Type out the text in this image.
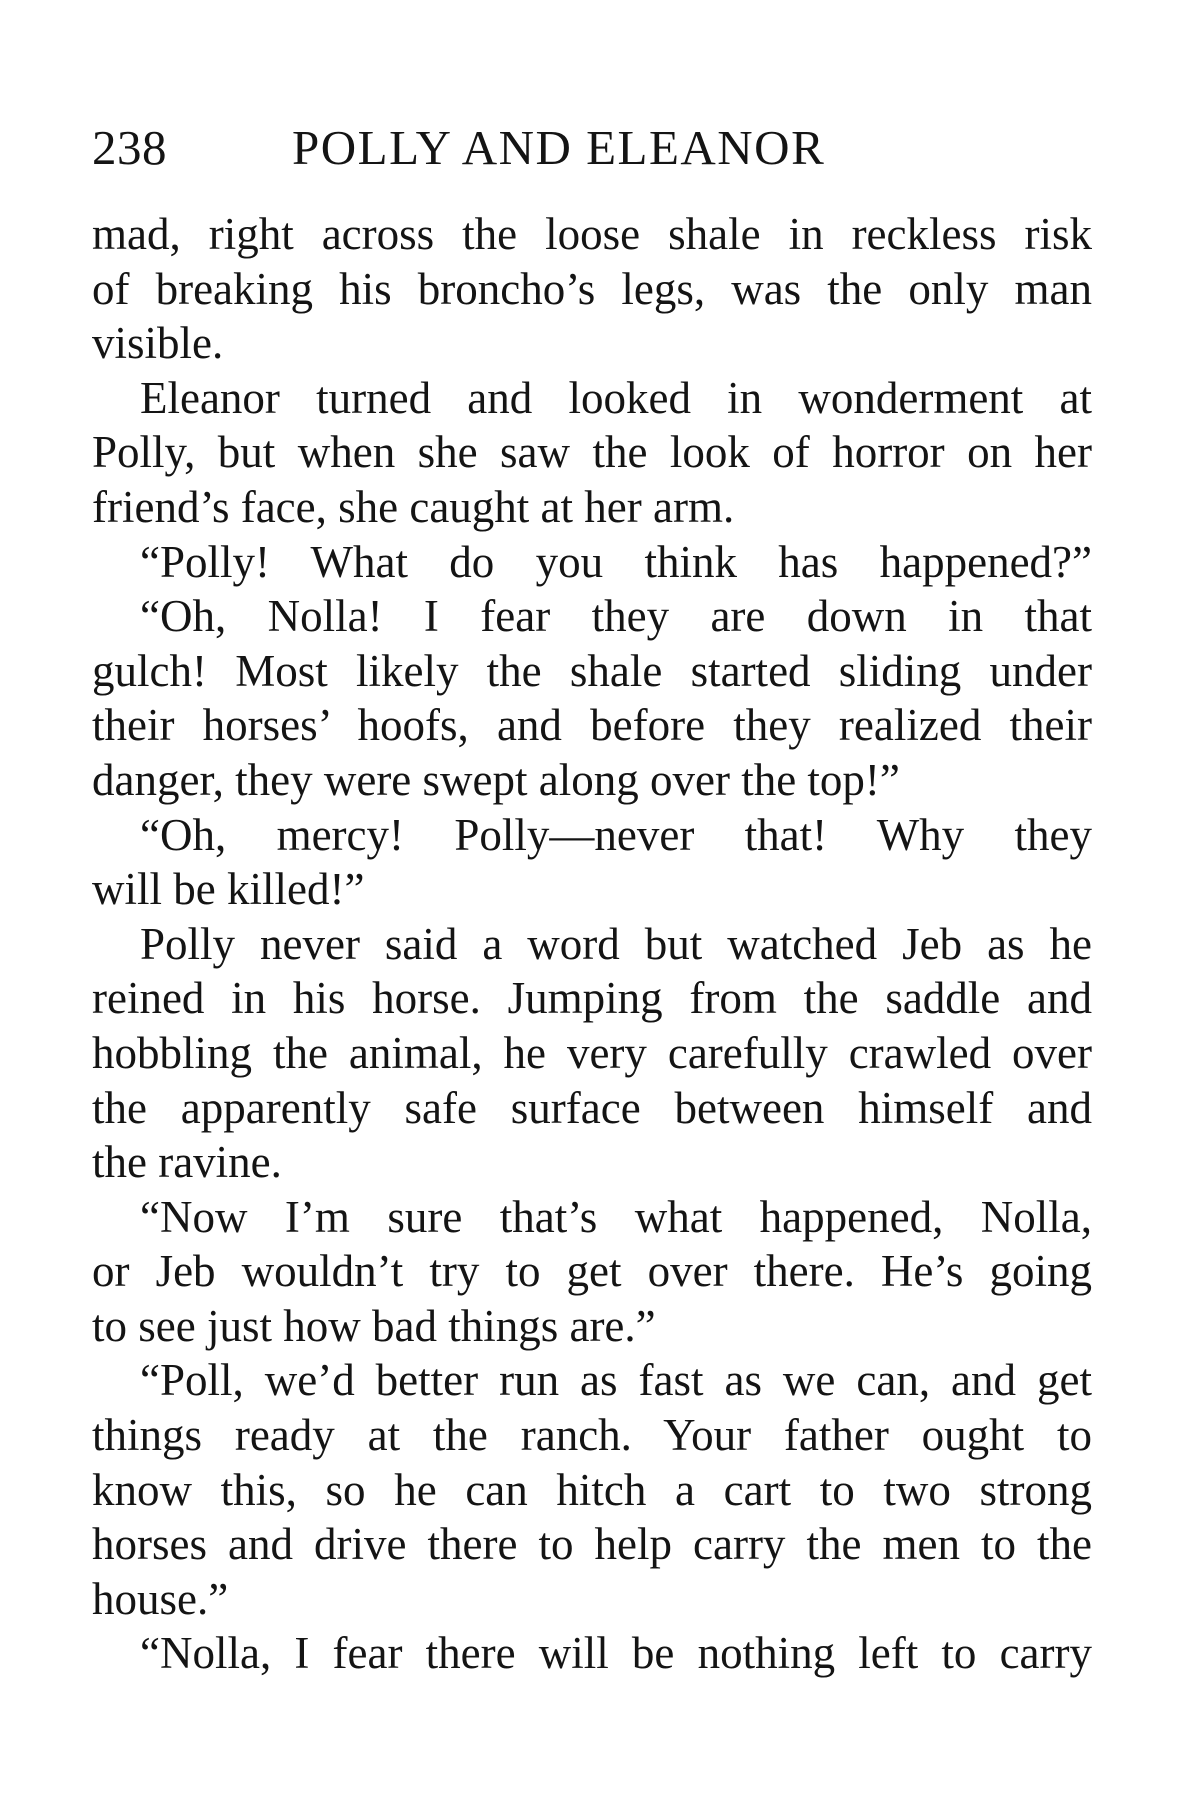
238	POLLY AND ELEANOR
mad, right across the loose shale in reckless risk
of breaking his broncho’s legs, was the only man
visible.
Eleanor turned and looked in wonderment at
Polly, but when she saw the look of horror on her
friend’s face, she caught at her arm.
“Polly! What do you think has happened?”
“Oh, Nolla! I fear they are down in that
gulch! Most likely the shale started sliding under
their horses’ hoofs, and before they realized their
danger, they were swept along over the top!”
“Oh, mercy! Polly—never that! Why they
will be killed!”
Polly never said a word but watched Jeb as he
reined in his horse. Jumping from the saddle and
hobbling the animal, he very carefully crawled over
the apparently safe surface between himself and
the ravine.
“Now I’m sure that’s what happened, Nolla,
or Jeb wouldn’t try to get over there. He’s going
to see just how bad things are.”
“Poll, we’d better run as fast as we can, and get
things ready at the ranch. Your father ought to
know this, so he can hitch a cart to two strong
horses and drive there to help carry the men to the
house.”
“Nolla, I fear there will be nothing left to carry
